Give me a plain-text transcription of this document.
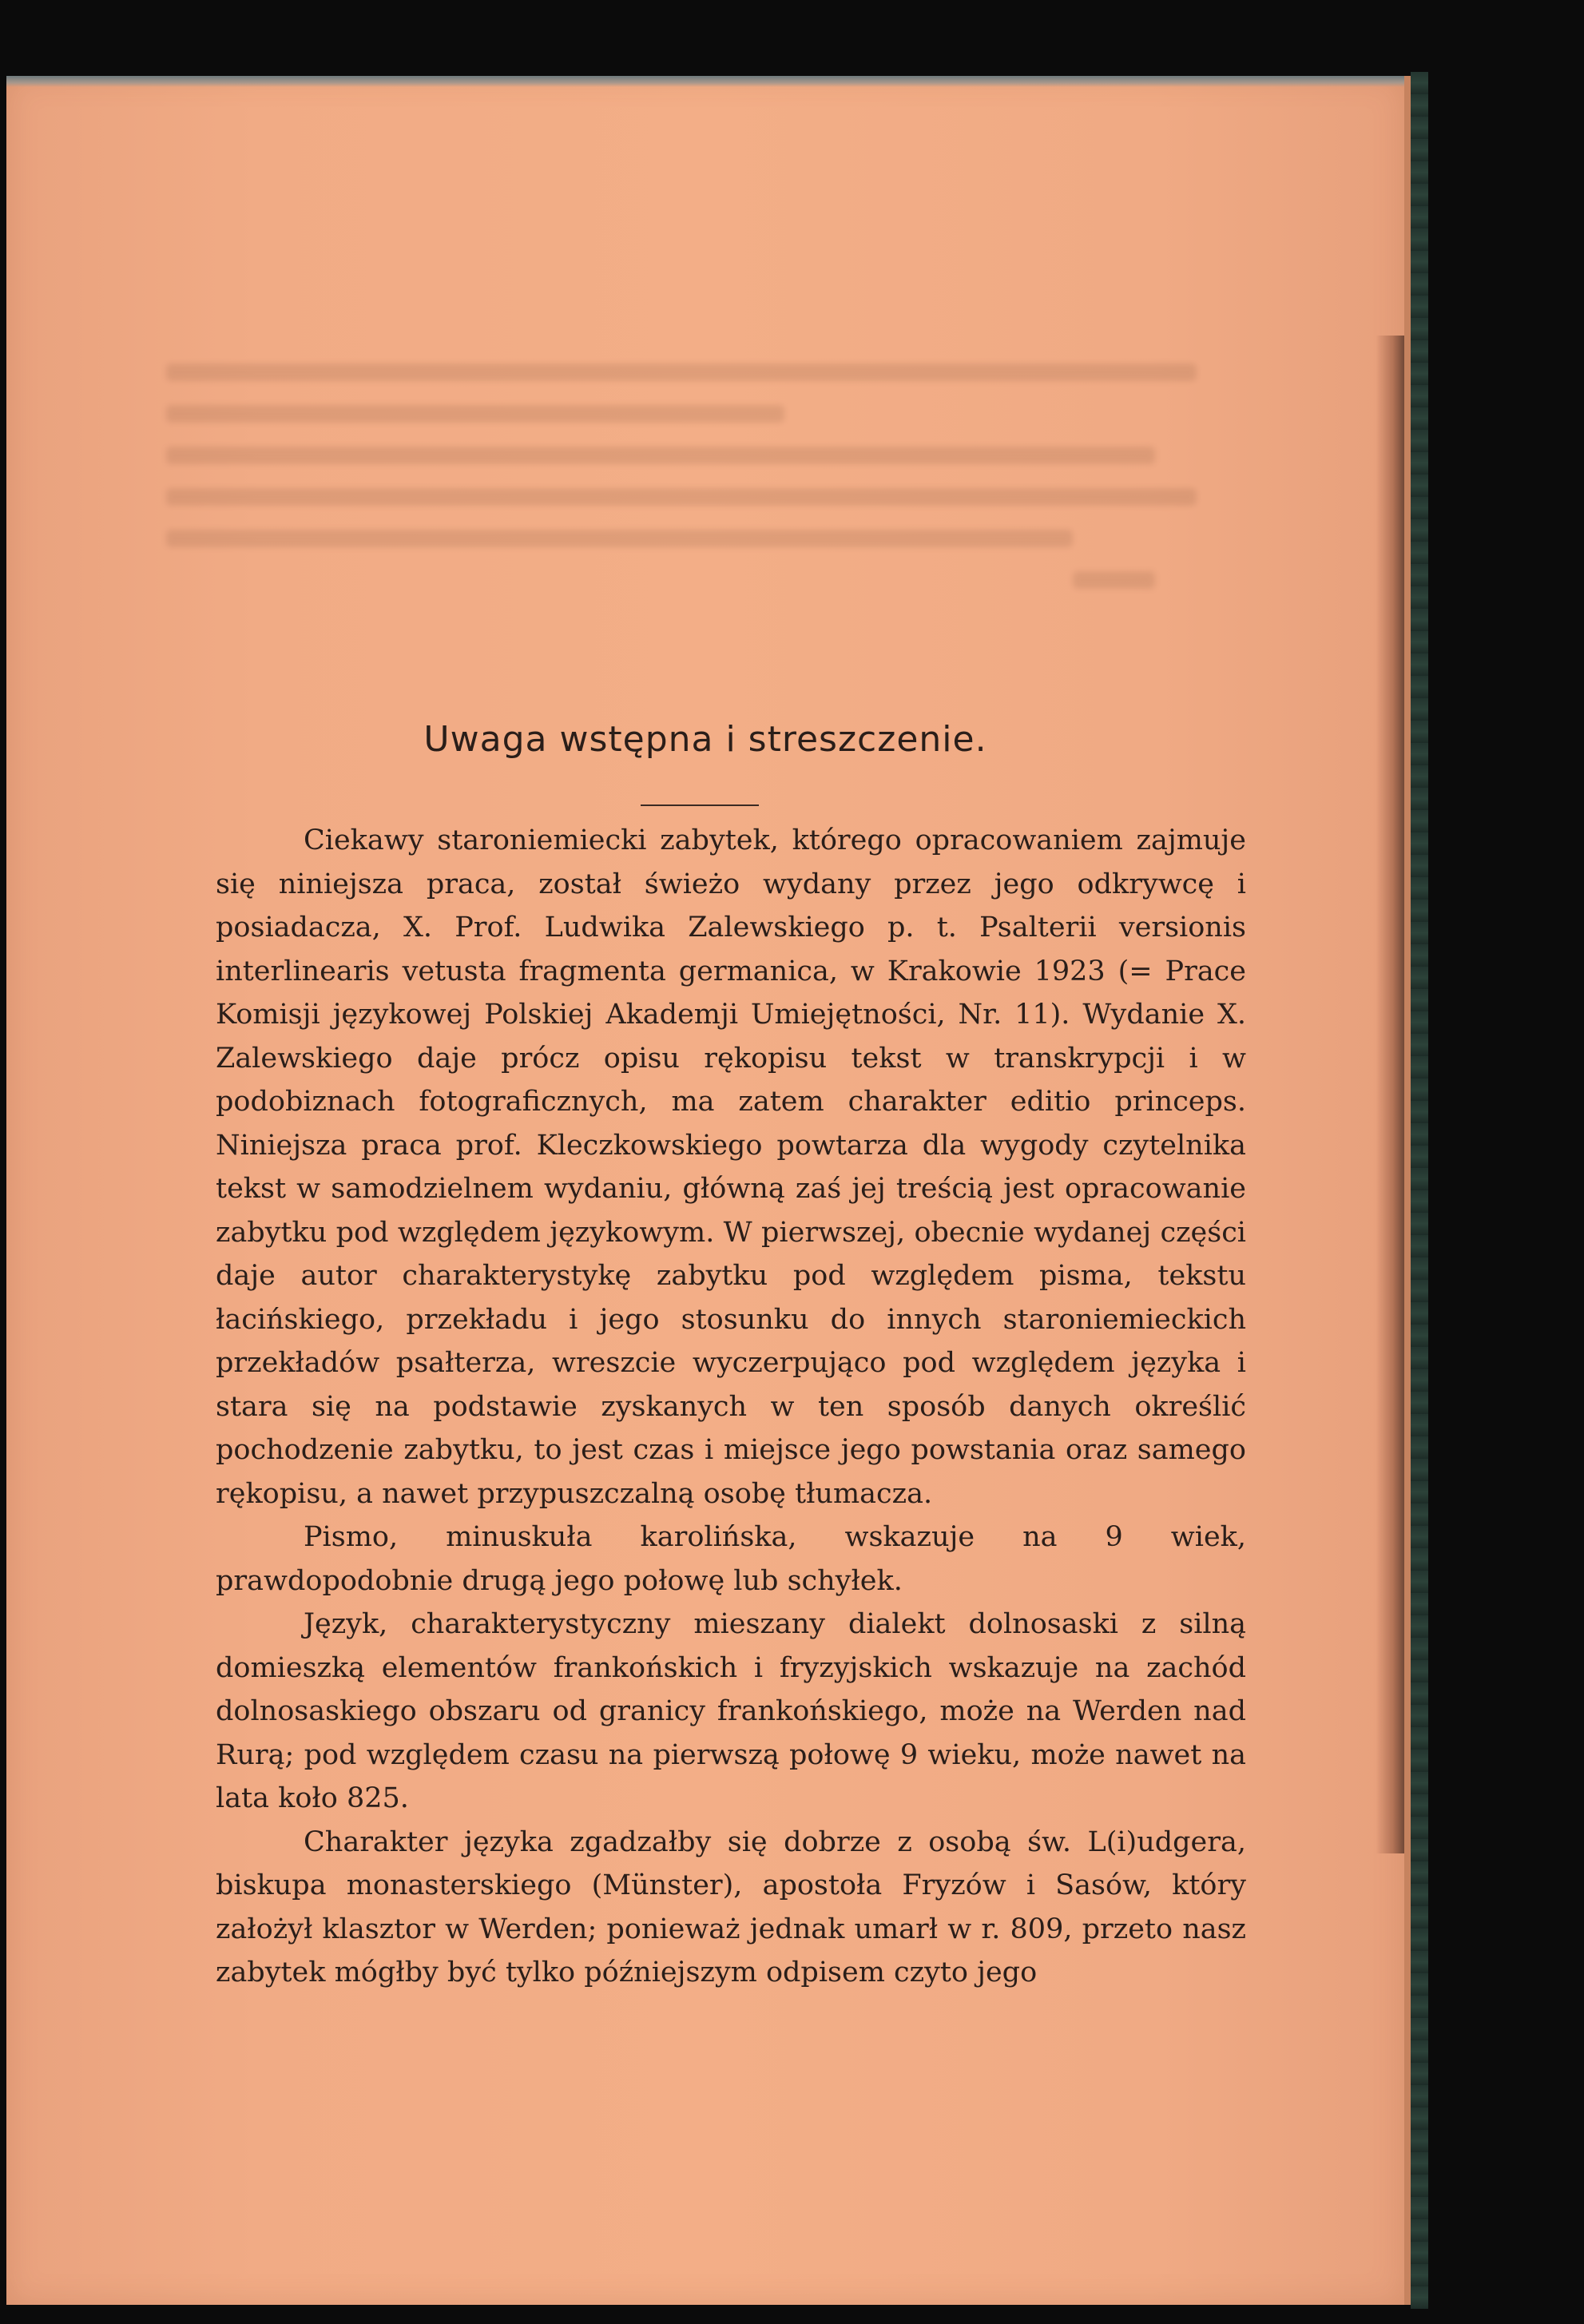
Uwaga wstępna i streszczenie.

Ciekawy staroniemiecki zabytek, którego opracowaniem zajmuje się niniejsza praca, został świeżo wydany przez jego odkrywcę i posiadacza, X. Prof. Ludwika Zalewskiego p. t. Psalterii versionis interlinearis vetusta fragmenta germanica, w Krakowie 1923 (= Prace Komisji językowej Polskiej Akademji Umiejętności, Nr. 11). Wydanie X. Zalewskiego daje prócz opisu rękopisu tekst w transkrypcji i w podobiznach fotograficznych, ma zatem charakter editio princeps. Niniejsza praca prof. Kleczkowskiego powtarza dla wygody czytelnika tekst w samodzielnem wydaniu, główną zaś jej treścią jest opracowanie zabytku pod względem językowym. W pierwszej, obecnie wydanej części daje autor charakterystykę zabytku pod względem pisma, tekstu łacińskiego, przekładu i jego stosunku do innych staroniemieckich przekładów psałterza, wreszcie wyczerpująco pod względem języka i stara się na podstawie zyskanych w ten sposób danych określić pochodzenie zabytku, to jest czas i miejsce jego powstania oraz samego rękopisu, a nawet przypuszczalną osobę tłumacza.

Pismo, minuskuła karolińska, wskazuje na 9 wiek, prawdopodobnie drugą jego połowę lub schyłek.

Język, charakterystyczny mieszany dialekt dolnosaski z silną domieszką elementów frankońskich i fryzyjskich wskazuje na zachód dolnosaskiego obszaru od granicy frankońskiego, może na Werden nad Rurą; pod względem czasu na pierwszą połowę 9 wieku, może nawet na lata koło 825.

Charakter języka zgadzałby się dobrze z osobą św. L(i)udgera, biskupa monasterskiego (Münster), apostoła Fryzów i Sasów, który założył klasztor w Werden; ponieważ jednak umarł w r. 809, przeto nasz zabytek mógłby być tylko późniejszym odpisem czyto jego
